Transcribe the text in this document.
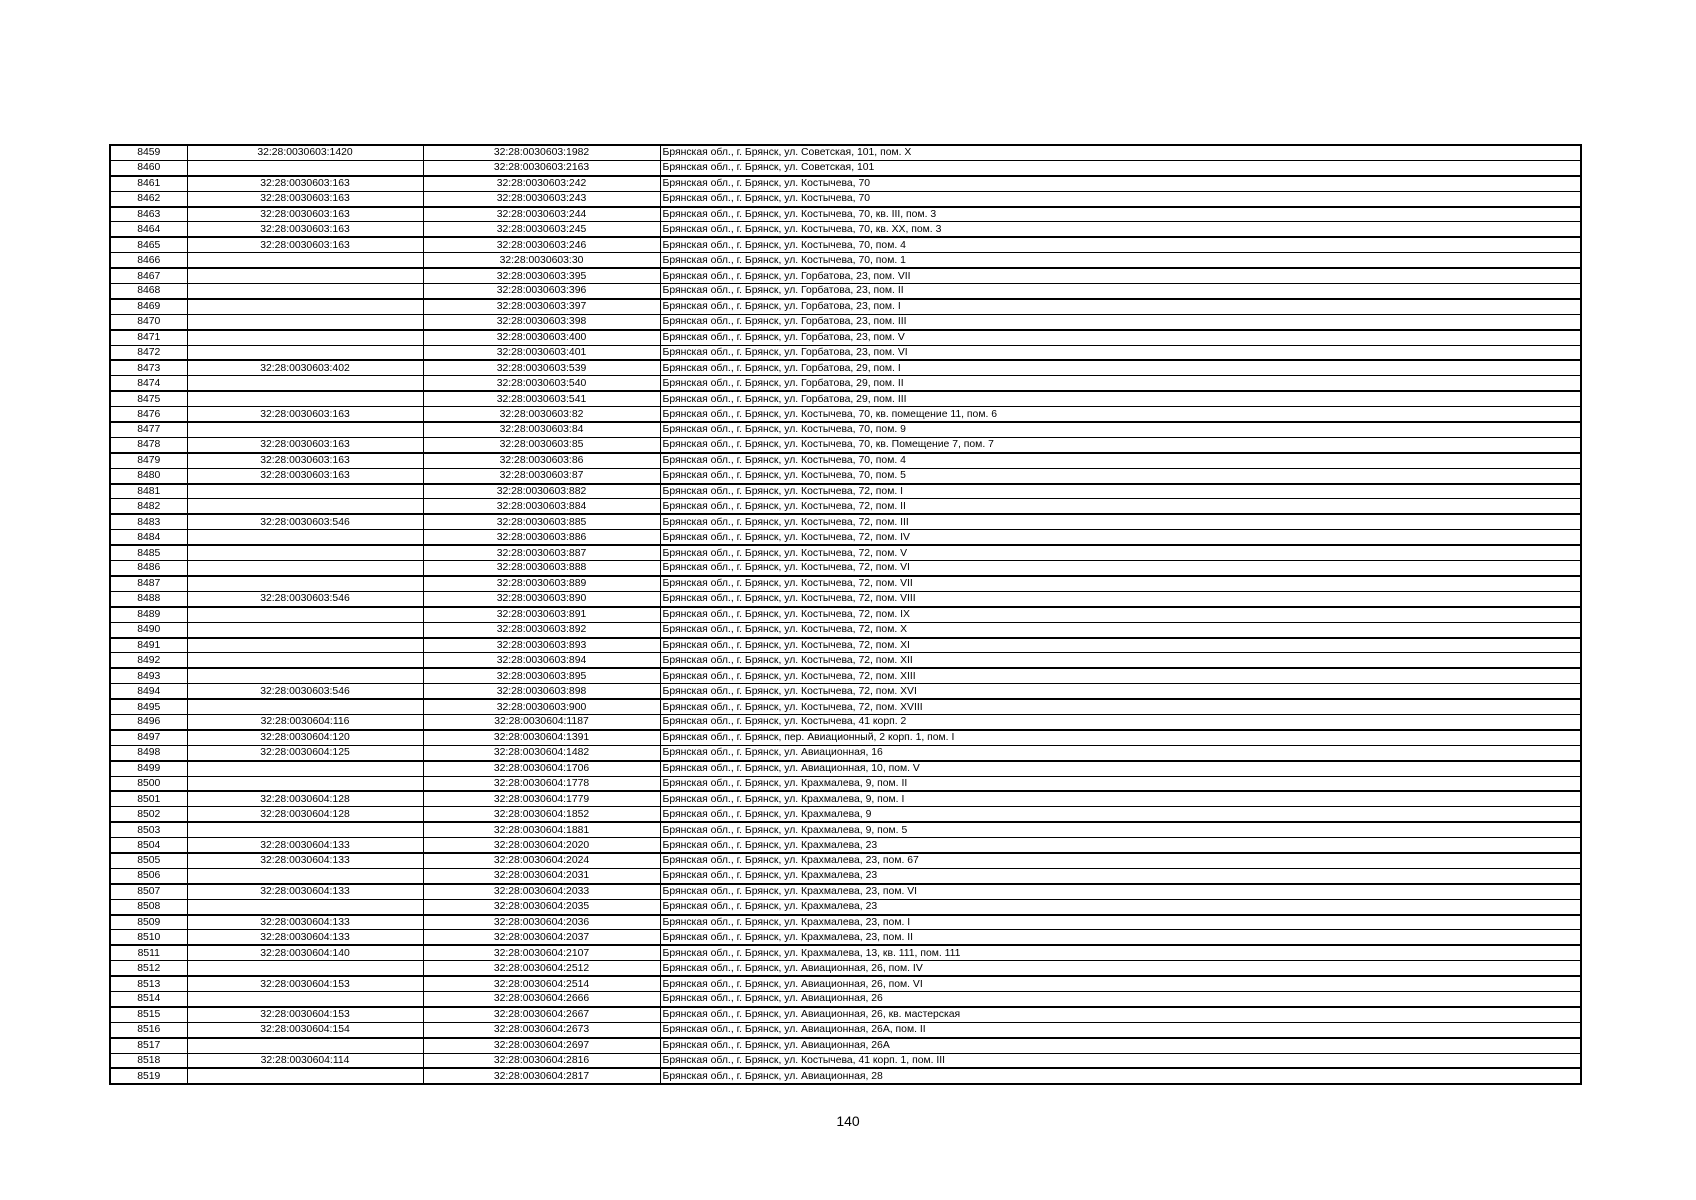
8459	32:28:0030603:1420	32:28:0030603:1982	Брянская обл., г. Брянск, ул. Советская, 101, пом. X
8460		32:28:0030603:2163	Брянская обл., г. Брянск, ул. Советская, 101
8461	32:28:0030603:163	32:28:0030603:242	Брянская обл., г. Брянск, ул. Костычева, 70
8462	32:28:0030603:163	32:28:0030603:243	Брянская обл., г. Брянск, ул. Костычева, 70
8463	32:28:0030603:163	32:28:0030603:244	Брянская обл., г. Брянск, ул. Костычева, 70, кв. III, пом. 3
8464	32:28:0030603:163	32:28:0030603:245	Брянская обл., г. Брянск, ул. Костычева, 70, кв. XX, пом. 3
8465	32:28:0030603:163	32:28:0030603:246	Брянская обл., г. Брянск, ул. Костычева, 70, пом. 4
8466		32:28:0030603:30	Брянская обл., г. Брянск, ул. Костычева, 70, пом. 1
8467		32:28:0030603:395	Брянская обл., г. Брянск, ул. Горбатова, 23, пом. VII
8468		32:28:0030603:396	Брянская обл., г. Брянск, ул. Горбатова, 23, пом. II
8469		32:28:0030603:397	Брянская обл., г. Брянск, ул. Горбатова, 23, пом. I
8470		32:28:0030603:398	Брянская обл., г. Брянск, ул. Горбатова, 23, пом. III
8471		32:28:0030603:400	Брянская обл., г. Брянск, ул. Горбатова, 23, пом. V
8472		32:28:0030603:401	Брянская обл., г. Брянск, ул. Горбатова, 23, пом. VI
8473	32:28:0030603:402	32:28:0030603:539	Брянская обл., г. Брянск, ул. Горбатова, 29, пом. I
8474		32:28:0030603:540	Брянская обл., г. Брянск, ул. Горбатова, 29, пом. II
8475		32:28:0030603:541	Брянская обл., г. Брянск, ул. Горбатова, 29, пом. III
8476	32:28:0030603:163	32:28:0030603:82	Брянская обл., г. Брянск, ул. Костычева, 70, кв. помещение 11, пом. 6
8477		32:28:0030603:84	Брянская обл., г. Брянск, ул. Костычева, 70, пом. 9
8478	32:28:0030603:163	32:28:0030603:85	Брянская обл., г. Брянск, ул. Костычева, 70, кв. Помещение 7, пом. 7
8479	32:28:0030603:163	32:28:0030603:86	Брянская обл., г. Брянск, ул. Костычева, 70, пом. 4
8480	32:28:0030603:163	32:28:0030603:87	Брянская обл., г. Брянск, ул. Костычева, 70, пом. 5
8481		32:28:0030603:882	Брянская обл., г. Брянск, ул. Костычева, 72, пом. I
8482		32:28:0030603:884	Брянская обл., г. Брянск, ул. Костычева, 72, пом. II
8483	32:28:0030603:546	32:28:0030603:885	Брянская обл., г. Брянск, ул. Костычева, 72, пом. III
8484		32:28:0030603:886	Брянская обл., г. Брянск, ул. Костычева, 72, пом. IV
8485		32:28:0030603:887	Брянская обл., г. Брянск, ул. Костычева, 72, пом. V
8486		32:28:0030603:888	Брянская обл., г. Брянск, ул. Костычева, 72, пом. VI
8487		32:28:0030603:889	Брянская обл., г. Брянск, ул. Костычева, 72, пом. VII
8488	32:28:0030603:546	32:28:0030603:890	Брянская обл., г. Брянск, ул. Костычева, 72, пом. VIII
8489		32:28:0030603:891	Брянская обл., г. Брянск, ул. Костычева, 72, пом. IX
8490		32:28:0030603:892	Брянская обл., г. Брянск, ул. Костычева, 72, пом. X
8491		32:28:0030603:893	Брянская обл., г. Брянск, ул. Костычева, 72, пом. XI
8492		32:28:0030603:894	Брянская обл., г. Брянск, ул. Костычева, 72, пом. XII
8493		32:28:0030603:895	Брянская обл., г. Брянск, ул. Костычева, 72, пом. XIII
8494	32:28:0030603:546	32:28:0030603:898	Брянская обл., г. Брянск, ул. Костычева, 72, пом. XVI
8495		32:28:0030603:900	Брянская обл., г. Брянск, ул. Костычева, 72, пом. XVIII
8496	32:28:0030604:116	32:28:0030604:1187	Брянская обл., г. Брянск, ул. Костычева, 41 корп. 2
8497	32:28:0030604:120	32:28:0030604:1391	Брянская обл., г. Брянск, пер. Авиационный, 2 корп. 1, пом. I
8498	32:28:0030604:125	32:28:0030604:1482	Брянская обл., г. Брянск, ул. Авиационная, 16
8499		32:28:0030604:1706	Брянская обл., г. Брянск, ул. Авиационная, 10, пом. V
8500		32:28:0030604:1778	Брянская обл., г. Брянск, ул. Крахмалева, 9, пом. II
8501	32:28:0030604:128	32:28:0030604:1779	Брянская обл., г. Брянск, ул. Крахмалева, 9, пом. I
8502	32:28:0030604:128	32:28:0030604:1852	Брянская обл., г. Брянск, ул. Крахмалева, 9
8503		32:28:0030604:1881	Брянская обл., г. Брянск, ул. Крахмалева, 9, пом. 5
8504	32:28:0030604:133	32:28:0030604:2020	Брянская обл., г. Брянск, ул. Крахмалева, 23
8505	32:28:0030604:133	32:28:0030604:2024	Брянская обл., г. Брянск, ул. Крахмалева, 23, пом. 67
8506		32:28:0030604:2031	Брянская обл., г. Брянск, ул. Крахмалева, 23
8507	32:28:0030604:133	32:28:0030604:2033	Брянская обл., г. Брянск, ул. Крахмалева, 23, пом. VI
8508		32:28:0030604:2035	Брянская обл., г. Брянск, ул. Крахмалева, 23
8509	32:28:0030604:133	32:28:0030604:2036	Брянская обл., г. Брянск, ул. Крахмалева, 23, пом. I
8510	32:28:0030604:133	32:28:0030604:2037	Брянская обл., г. Брянск, ул. Крахмалева, 23, пом. II
8511	32:28:0030604:140	32:28:0030604:2107	Брянская обл., г. Брянск, ул. Крахмалева, 13, кв. 111, пом. 111
8512		32:28:0030604:2512	Брянская обл., г. Брянск, ул. Авиационная, 26, пом. IV
8513	32:28:0030604:153	32:28:0030604:2514	Брянская обл., г. Брянск, ул. Авиационная, 26, пом. VI
8514		32:28:0030604:2666	Брянская обл., г. Брянск, ул. Авиационная, 26
8515	32:28:0030604:153	32:28:0030604:2667	Брянская обл., г. Брянск, ул. Авиационная, 26, кв. мастерская
8516	32:28:0030604:154	32:28:0030604:2673	Брянская обл., г. Брянск, ул. Авиационная, 26А, пом. II
8517		32:28:0030604:2697	Брянская обл., г. Брянск, ул. Авиационная, 26А
8518	32:28:0030604:114	32:28:0030604:2816	Брянская обл., г. Брянск, ул. Костычева, 41 корп. 1, пом. III
8519		32:28:0030604:2817	Брянская обл., г. Брянск, ул. Авиационная, 28
140
